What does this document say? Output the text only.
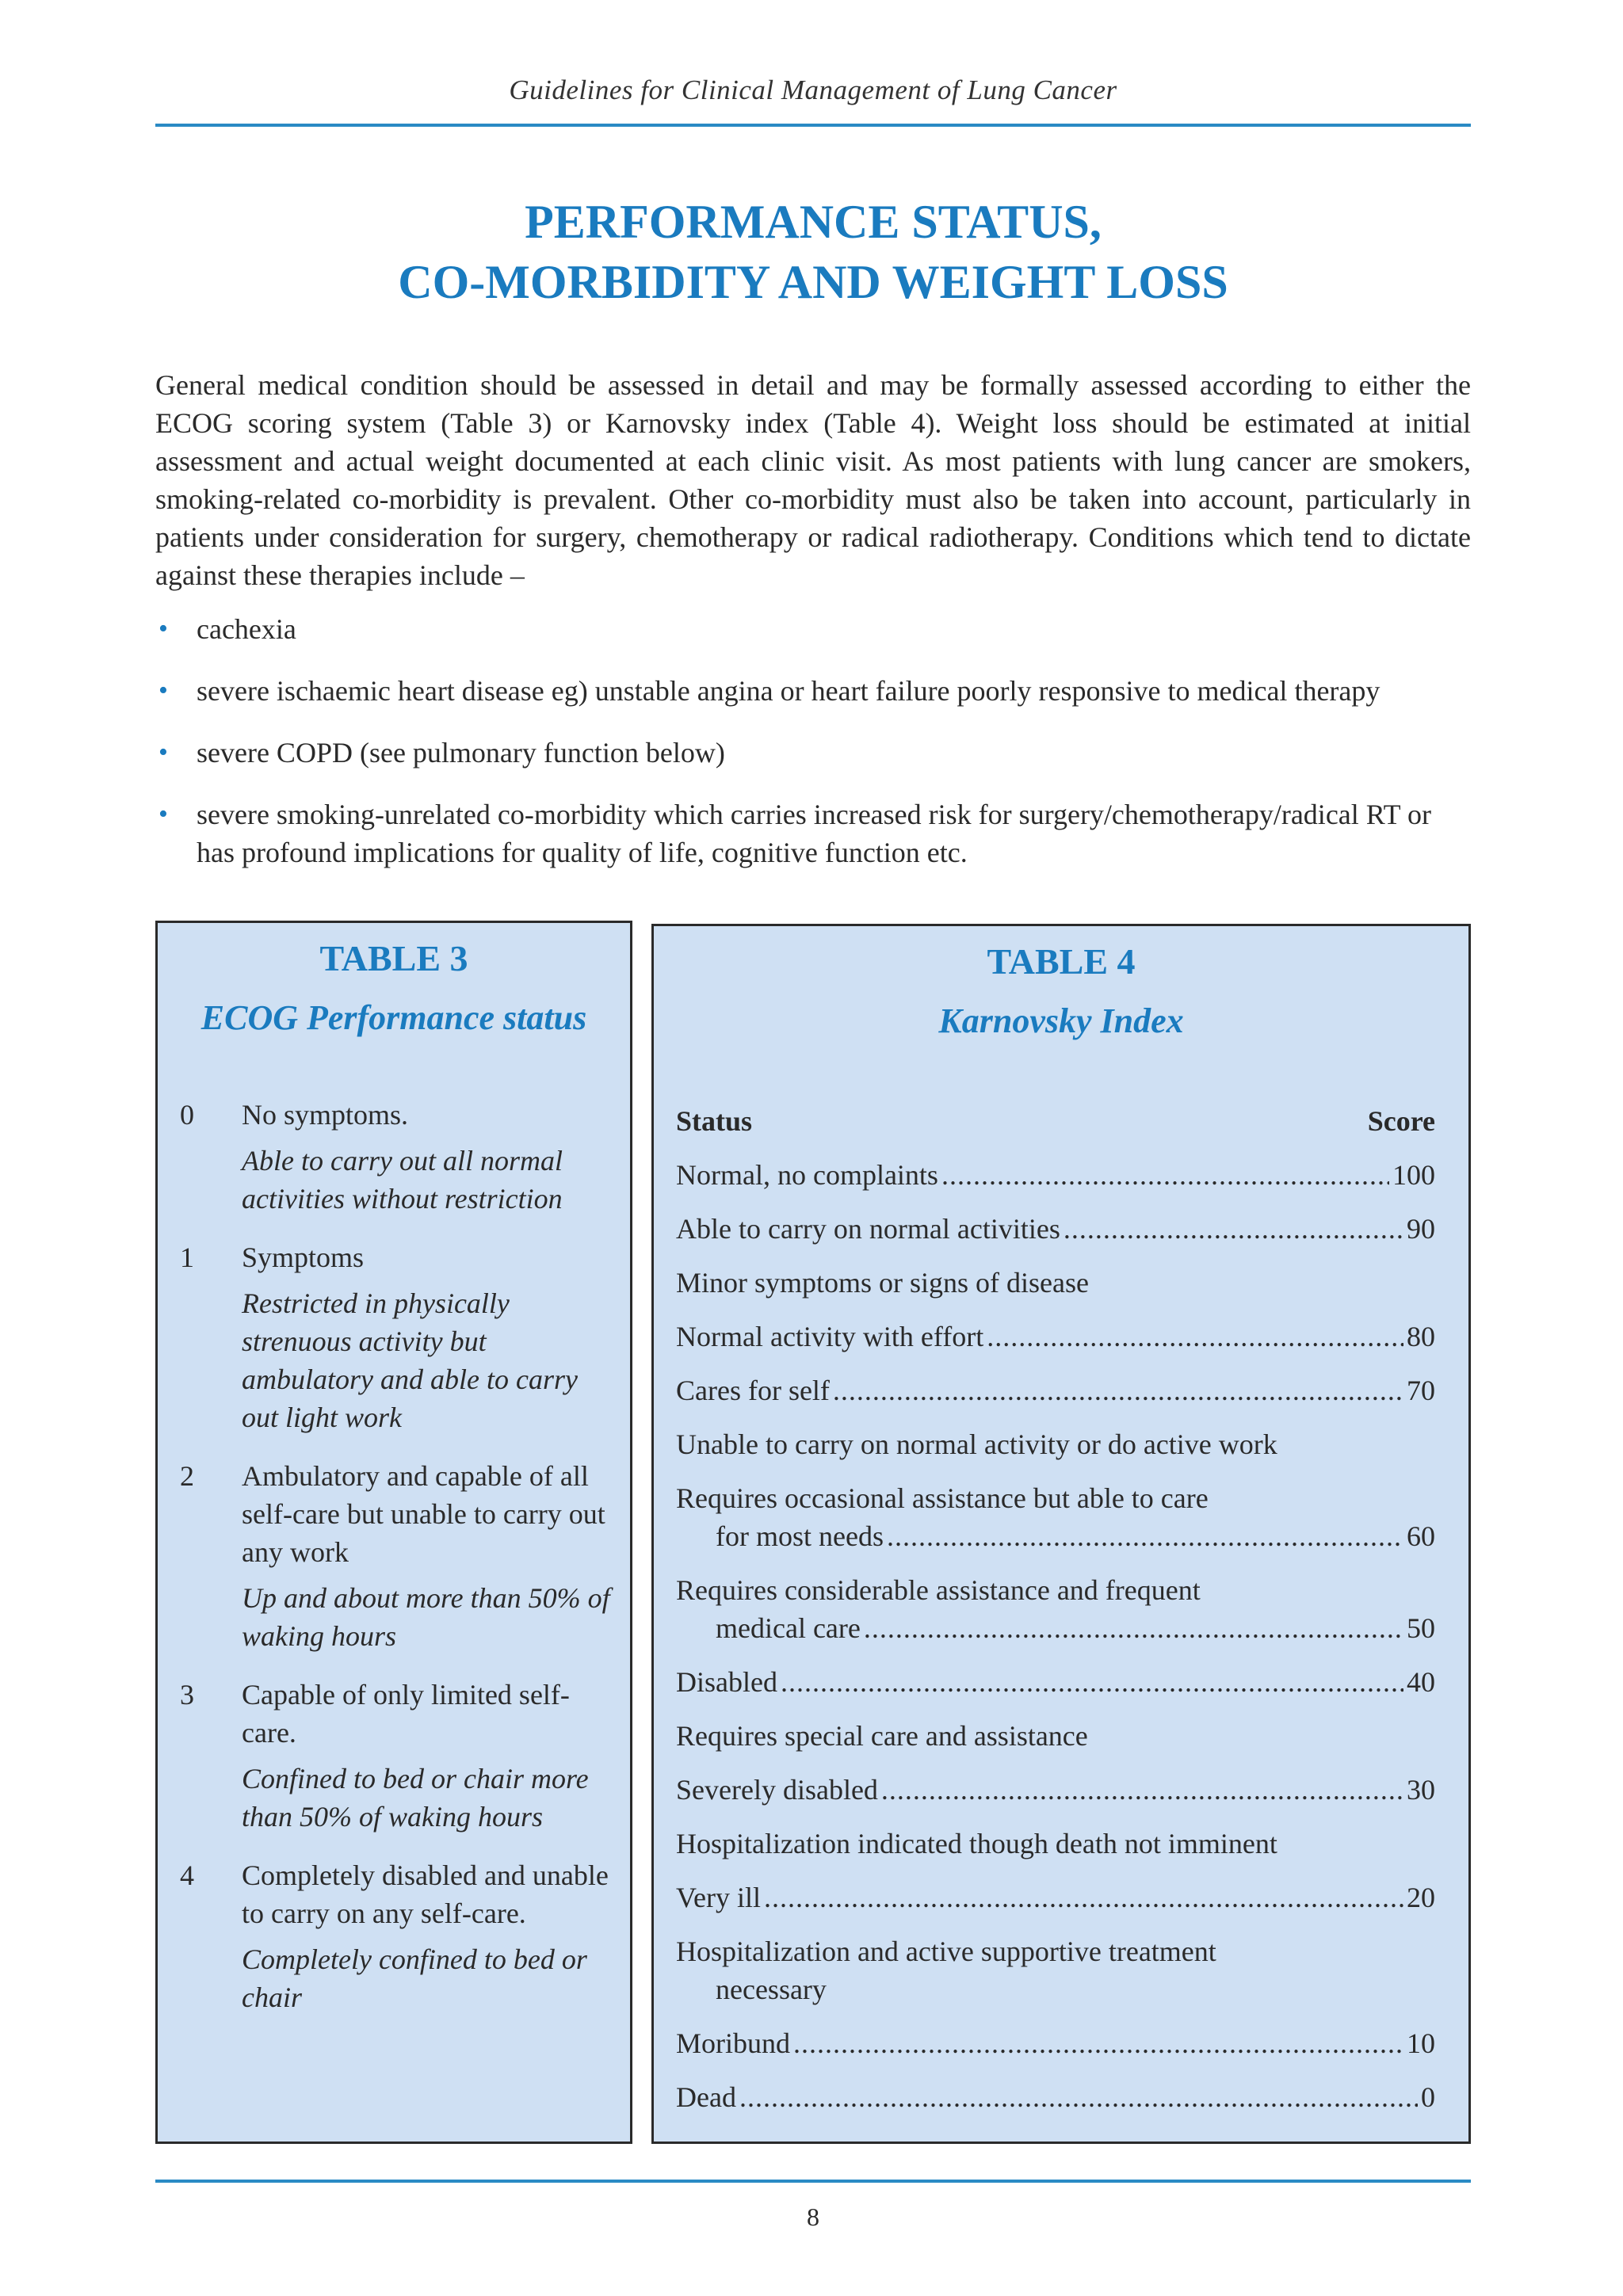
Guidelines for Clinical Management of Lung Cancer
PERFORMANCE STATUS,
CO-MORBIDITY AND WEIGHT LOSS

General medical condition should be assessed in detail and may be formally assessed according to either the ECOG scoring system (Table 3) or Karnovsky index (Table 4). Weight loss should be estimated at initial assessment and actual weight documented at each clinic visit. As most patients with lung cancer are smokers, smoking-related co-morbidity is prevalent. Other co-morbidity must also be taken into account, particularly in patients under consideration for surgery, chemotherapy or radical radiotherapy. Conditions which tend to dictate against these therapies include –

• cachexia
• severe ischaemic heart disease eg) unstable angina or heart failure poorly responsive to medical therapy
• severe COPD (see pulmonary function below)
• severe smoking-unrelated co-morbidity which carries increased risk for surgery/chemotherapy/radical RT or has profound implications for quality of life, cognitive function etc.
TABLE 3
ECOG Performance status
0 No symptoms.
Able to carry out all normal activities without restriction
1 Symptoms
Restricted in physically strenuous activity but ambulatory and able to carry out light work
2 Ambulatory and capable of all self-care but unable to carry out any work
Up and about more than 50% of waking hours
3 Capable of only limited self-care.
Confined to bed or chair more than 50% of waking hours
4 Completely disabled and unable to carry on any self-care.
Completely confined to bed or chair
TABLE 4
Karnovsky Index
Status	Score
Normal, no complaints .....	100
Able to carry on normal activities .....	90
Minor symptoms or signs of disease
Normal activity with effort .....	80
Cares for self .....	70
Unable to carry on normal activity or do active work
Requires occasional assistance but able to care
for most needs .....	60
Requires considerable assistance and frequent
medical care .....	50
Disabled .....	40
Requires special care and assistance
Severely disabled .....	30
Hospitalization indicated though death not imminent
Very ill .....	20
Hospitalization and active supportive treatment
necessary
Moribund .....	10
Dead .....	0
8
